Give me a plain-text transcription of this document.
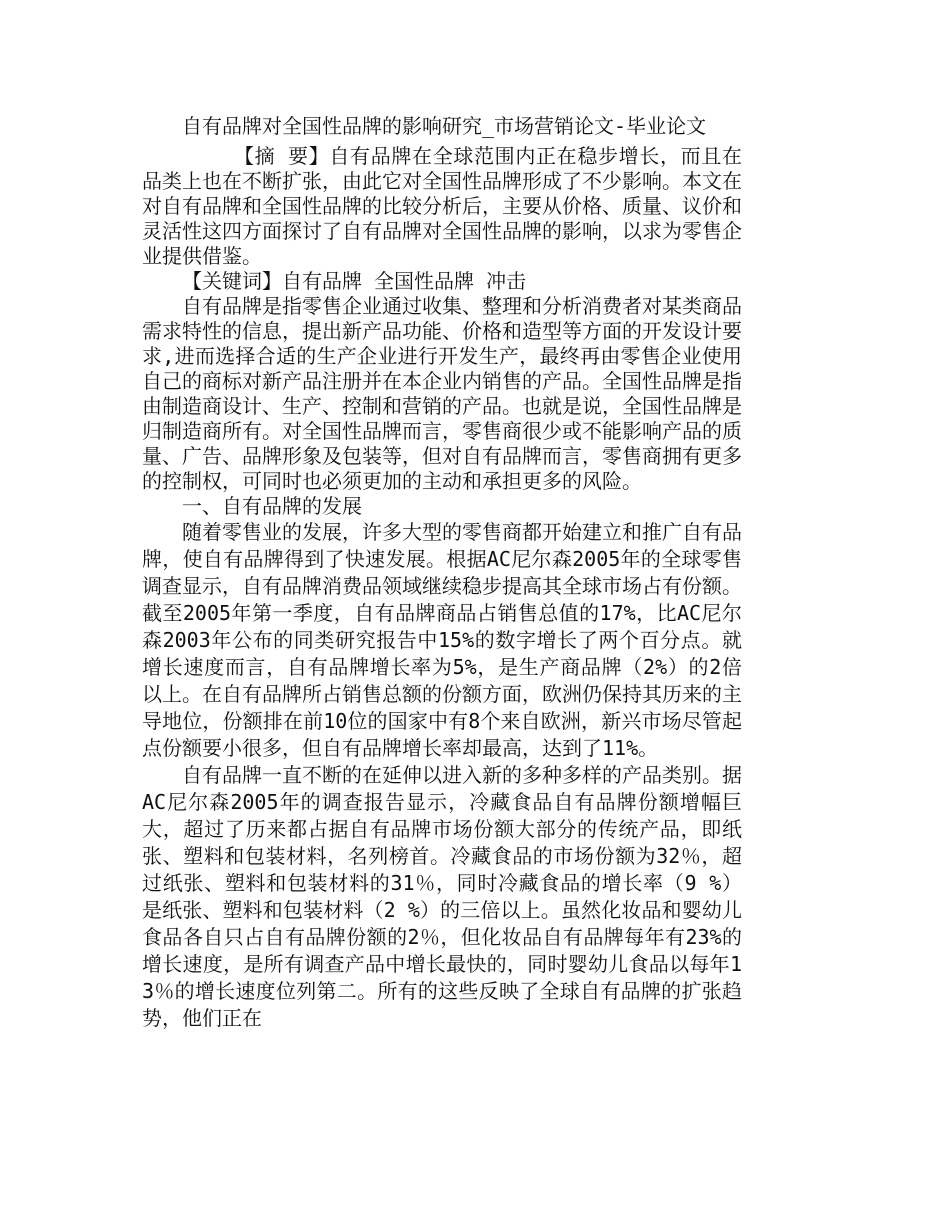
自有品牌对全国性品牌的影响研究_市场营销论文-毕业论文

【摘 要】自有品牌在全球范围内正在稳步增长，而且在品类上也在不断扩张，由此它对全国性品牌形成了不少影响。本文在对自有品牌和全国性品牌的比较分析后，主要从价格、质量、议价和灵活性这四方面探讨了自有品牌对全国性品牌的影响，以求为零售企业提供借鉴。

【关键词】自有品牌 全国性品牌 冲击

自有品牌是指零售企业通过收集、整理和分析消费者对某类商品需求特性的信息，提出新产品功能、价格和造型等方面的开发设计要求,进而选择合适的生产企业进行开发生产，最终再由零售企业使用自己的商标对新产品注册并在本企业内销售的产品。全国性品牌是指由制造商设计、生产、控制和营销的产品。也就是说，全国性品牌是归制造商所有。对全国性品牌而言，零售商很少或不能影响产品的质量、广告、品牌形象及包装等，但对自有品牌而言，零售商拥有更多的控制权，可同时也必须更加的主动和承担更多的风险。

一、自有品牌的发展

随着零售业的发展，许多大型的零售商都开始建立和推广自有品牌，使自有品牌得到了快速发展。根据AC尼尔森2005年的全球零售调查显示，自有品牌消费品领域继续稳步提高其全球市场占有份额。截至2005年第一季度，自有品牌商品占销售总值的17%，比AC尼尔森2003年公布的同类研究报告中15%的数字增长了两个百分点。就增长速度而言，自有品牌增长率为5%，是生产商品牌（2%）的2倍以上。在自有品牌所占销售总额的份额方面，欧洲仍保持其历来的主导地位，份额排在前10位的国家中有8个来自欧洲，新兴市场尽管起点份额要小很多，但自有品牌增长率却最高，达到了11%。

自有品牌一直不断的在延伸以进入新的多种多样的产品类别。据AC尼尔森2005年的调查报告显示，冷藏食品自有品牌份额增幅巨大，超过了历来都占据自有品牌市场份额大部分的传统产品，即纸张、塑料和包装材料，名列榜首。冷藏食品的市场份额为32％，超过纸张、塑料和包装材料的31％，同时冷藏食品的增长率（9 %）是纸张、塑料和包装材料（2 %）的三倍以上。虽然化妆品和婴幼儿食品各自只占自有品牌份额的2％，但化妆品自有品牌每年有23%的增长速度，是所有调查产品中增长最快的，同时婴幼儿食品以每年13％的增长速度位列第二。所有的这些反映了全球自有品牌的扩张趋势，他们正在
